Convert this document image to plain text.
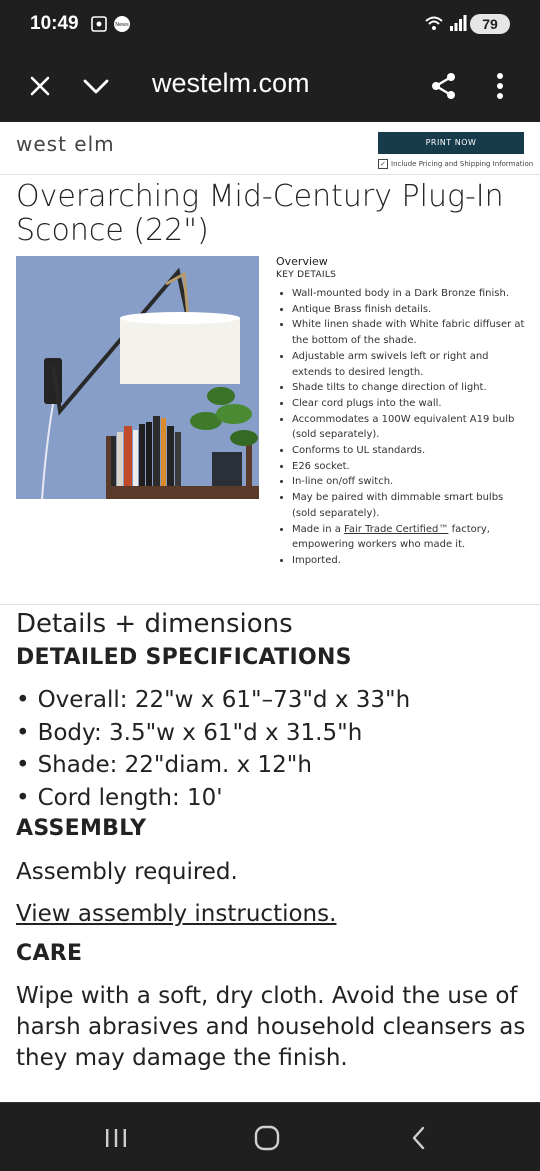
10:49	News	79
westelm.com
west elm	PRINT NOW
✓ Include Pricing and Shipping Information
Overarching Mid-Century Plug-In Sconce (22")
Overview
KEY DETAILS
• Wall-mounted body in a Dark Bronze finish.
• Antique Brass finish details.
• White linen shade with White fabric diffuser at the bottom of the shade.
• Adjustable arm swivels left or right and extends to desired length.
• Shade tilts to change direction of light.
• Clear cord plugs into the wall.
• Accommodates a 100W equivalent A19 bulb (sold separately).
• Conforms to UL standards.
• E26 socket.
• In-line on/off switch.
• May be paired with dimmable smart bulbs (sold separately).
• Made in a Fair Trade Certified™ factory, empowering workers who made it.
• Imported.
Details + dimensions
DETAILED SPECIFICATIONS
• Overall: 22"w x 61"–73"d x 33"h
• Body: 3.5"w x 61"d x 31.5"h
• Shade: 22"diam. x 12"h
• Cord length: 10'
ASSEMBLY
Assembly required.
View assembly instructions.
CARE
Wipe with a soft, dry cloth. Avoid the use of harsh abrasives and household cleansers as they may damage the finish.
